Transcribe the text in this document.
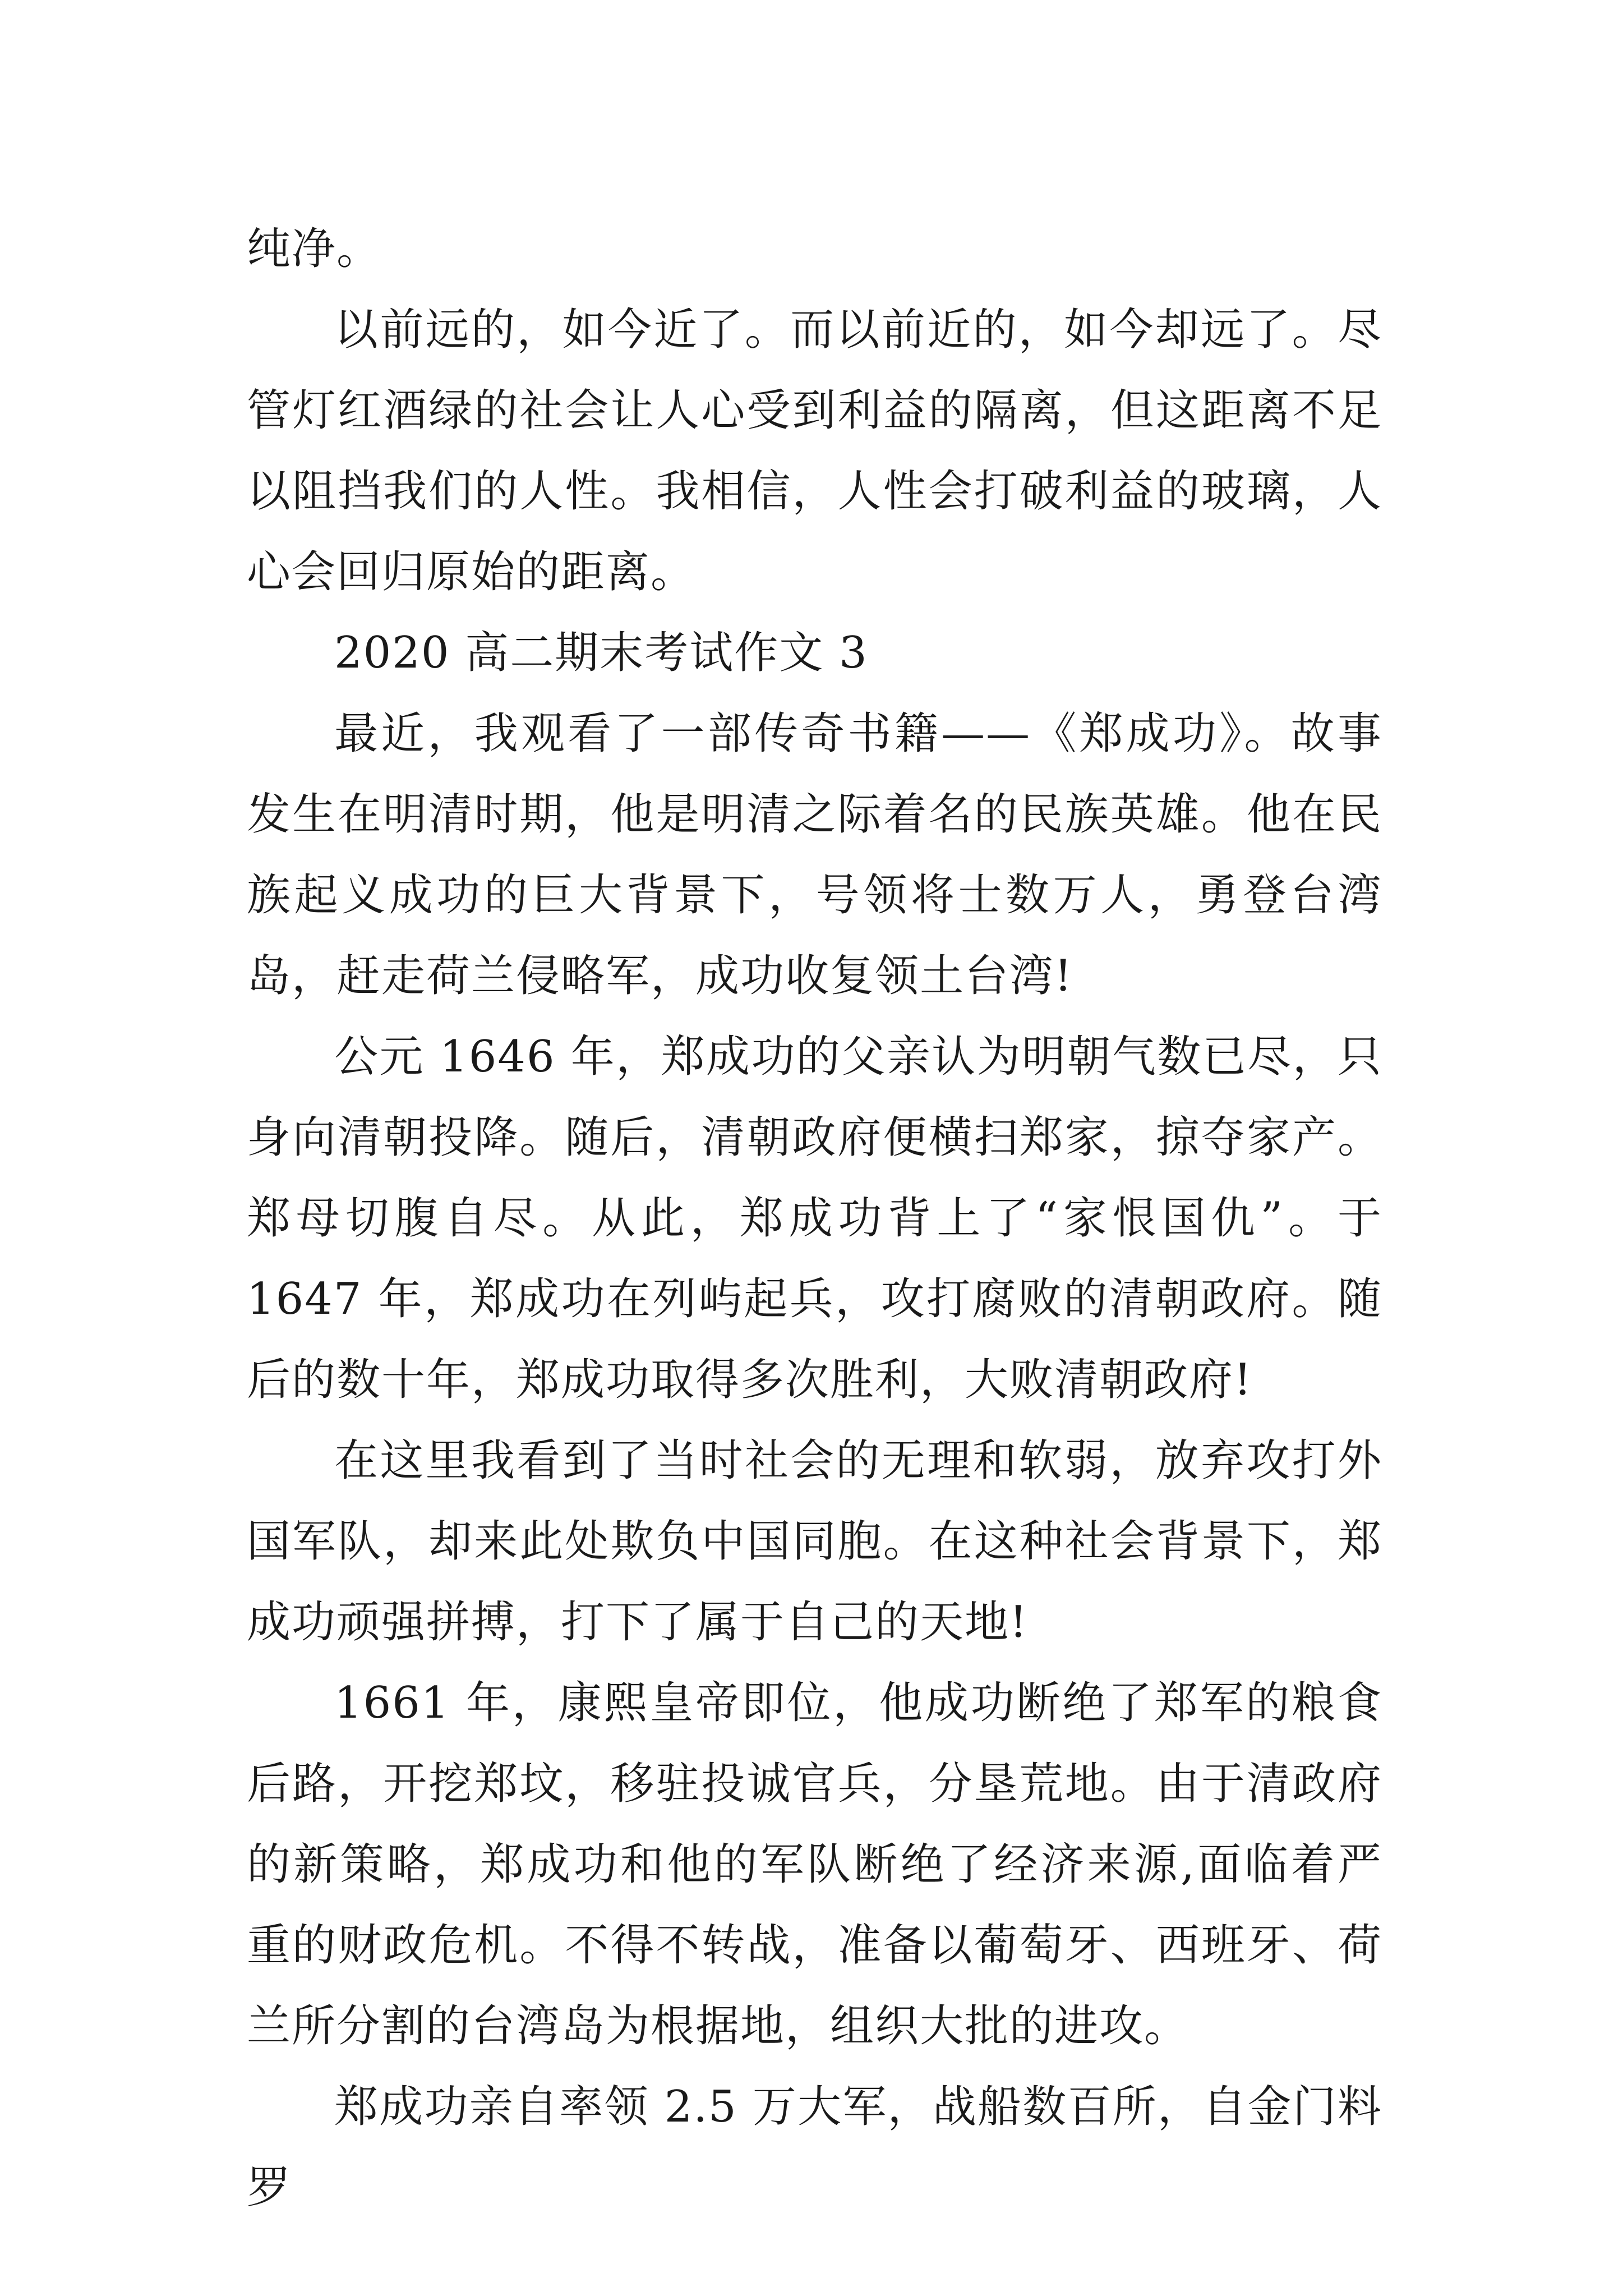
纯净。

以前远的，如今近了。而以前近的，如今却远了。尽管灯红酒绿的社会让人心受到利益的隔离，但这距离不足以阻挡我们的人性。我相信，人性会打破利益的玻璃，人心会回归原始的距离。

2020 高二期末考试作文 3

最近，我观看了一部传奇书籍——《郑成功》。故事发生在明清时期，他是明清之际着名的民族英雄。他在民族起义成功的巨大背景下，号领将士数万人，勇登台湾岛，赶走荷兰侵略军，成功收复领土台湾!

公元 1646 年，郑成功的父亲认为明朝气数已尽，只身向清朝投降。随后，清朝政府便横扫郑家，掠夺家产。郑母切腹自尽。从此，郑成功背上了“家恨国仇”。于 1647 年，郑成功在列屿起兵，攻打腐败的清朝政府。随后的数十年，郑成功取得多次胜利，大败清朝政府!

在这里我看到了当时社会的无理和软弱，放弃攻打外国军队，却来此处欺负中国同胞。在这种社会背景下，郑成功顽强拼搏，打下了属于自己的天地!

1661 年，康熙皇帝即位，他成功断绝了郑军的粮食后路，开挖郑坟，移驻投诚官兵，分垦荒地。由于清政府的新策略，郑成功和他的军队断绝了经济来源,面临着严重的财政危机。不得不转战，准备以葡萄牙、西班牙、荷兰所分割的台湾岛为根据地，组织大批的进攻。

郑成功亲自率领 2.5 万大军，战船数百所，自金门料罗
